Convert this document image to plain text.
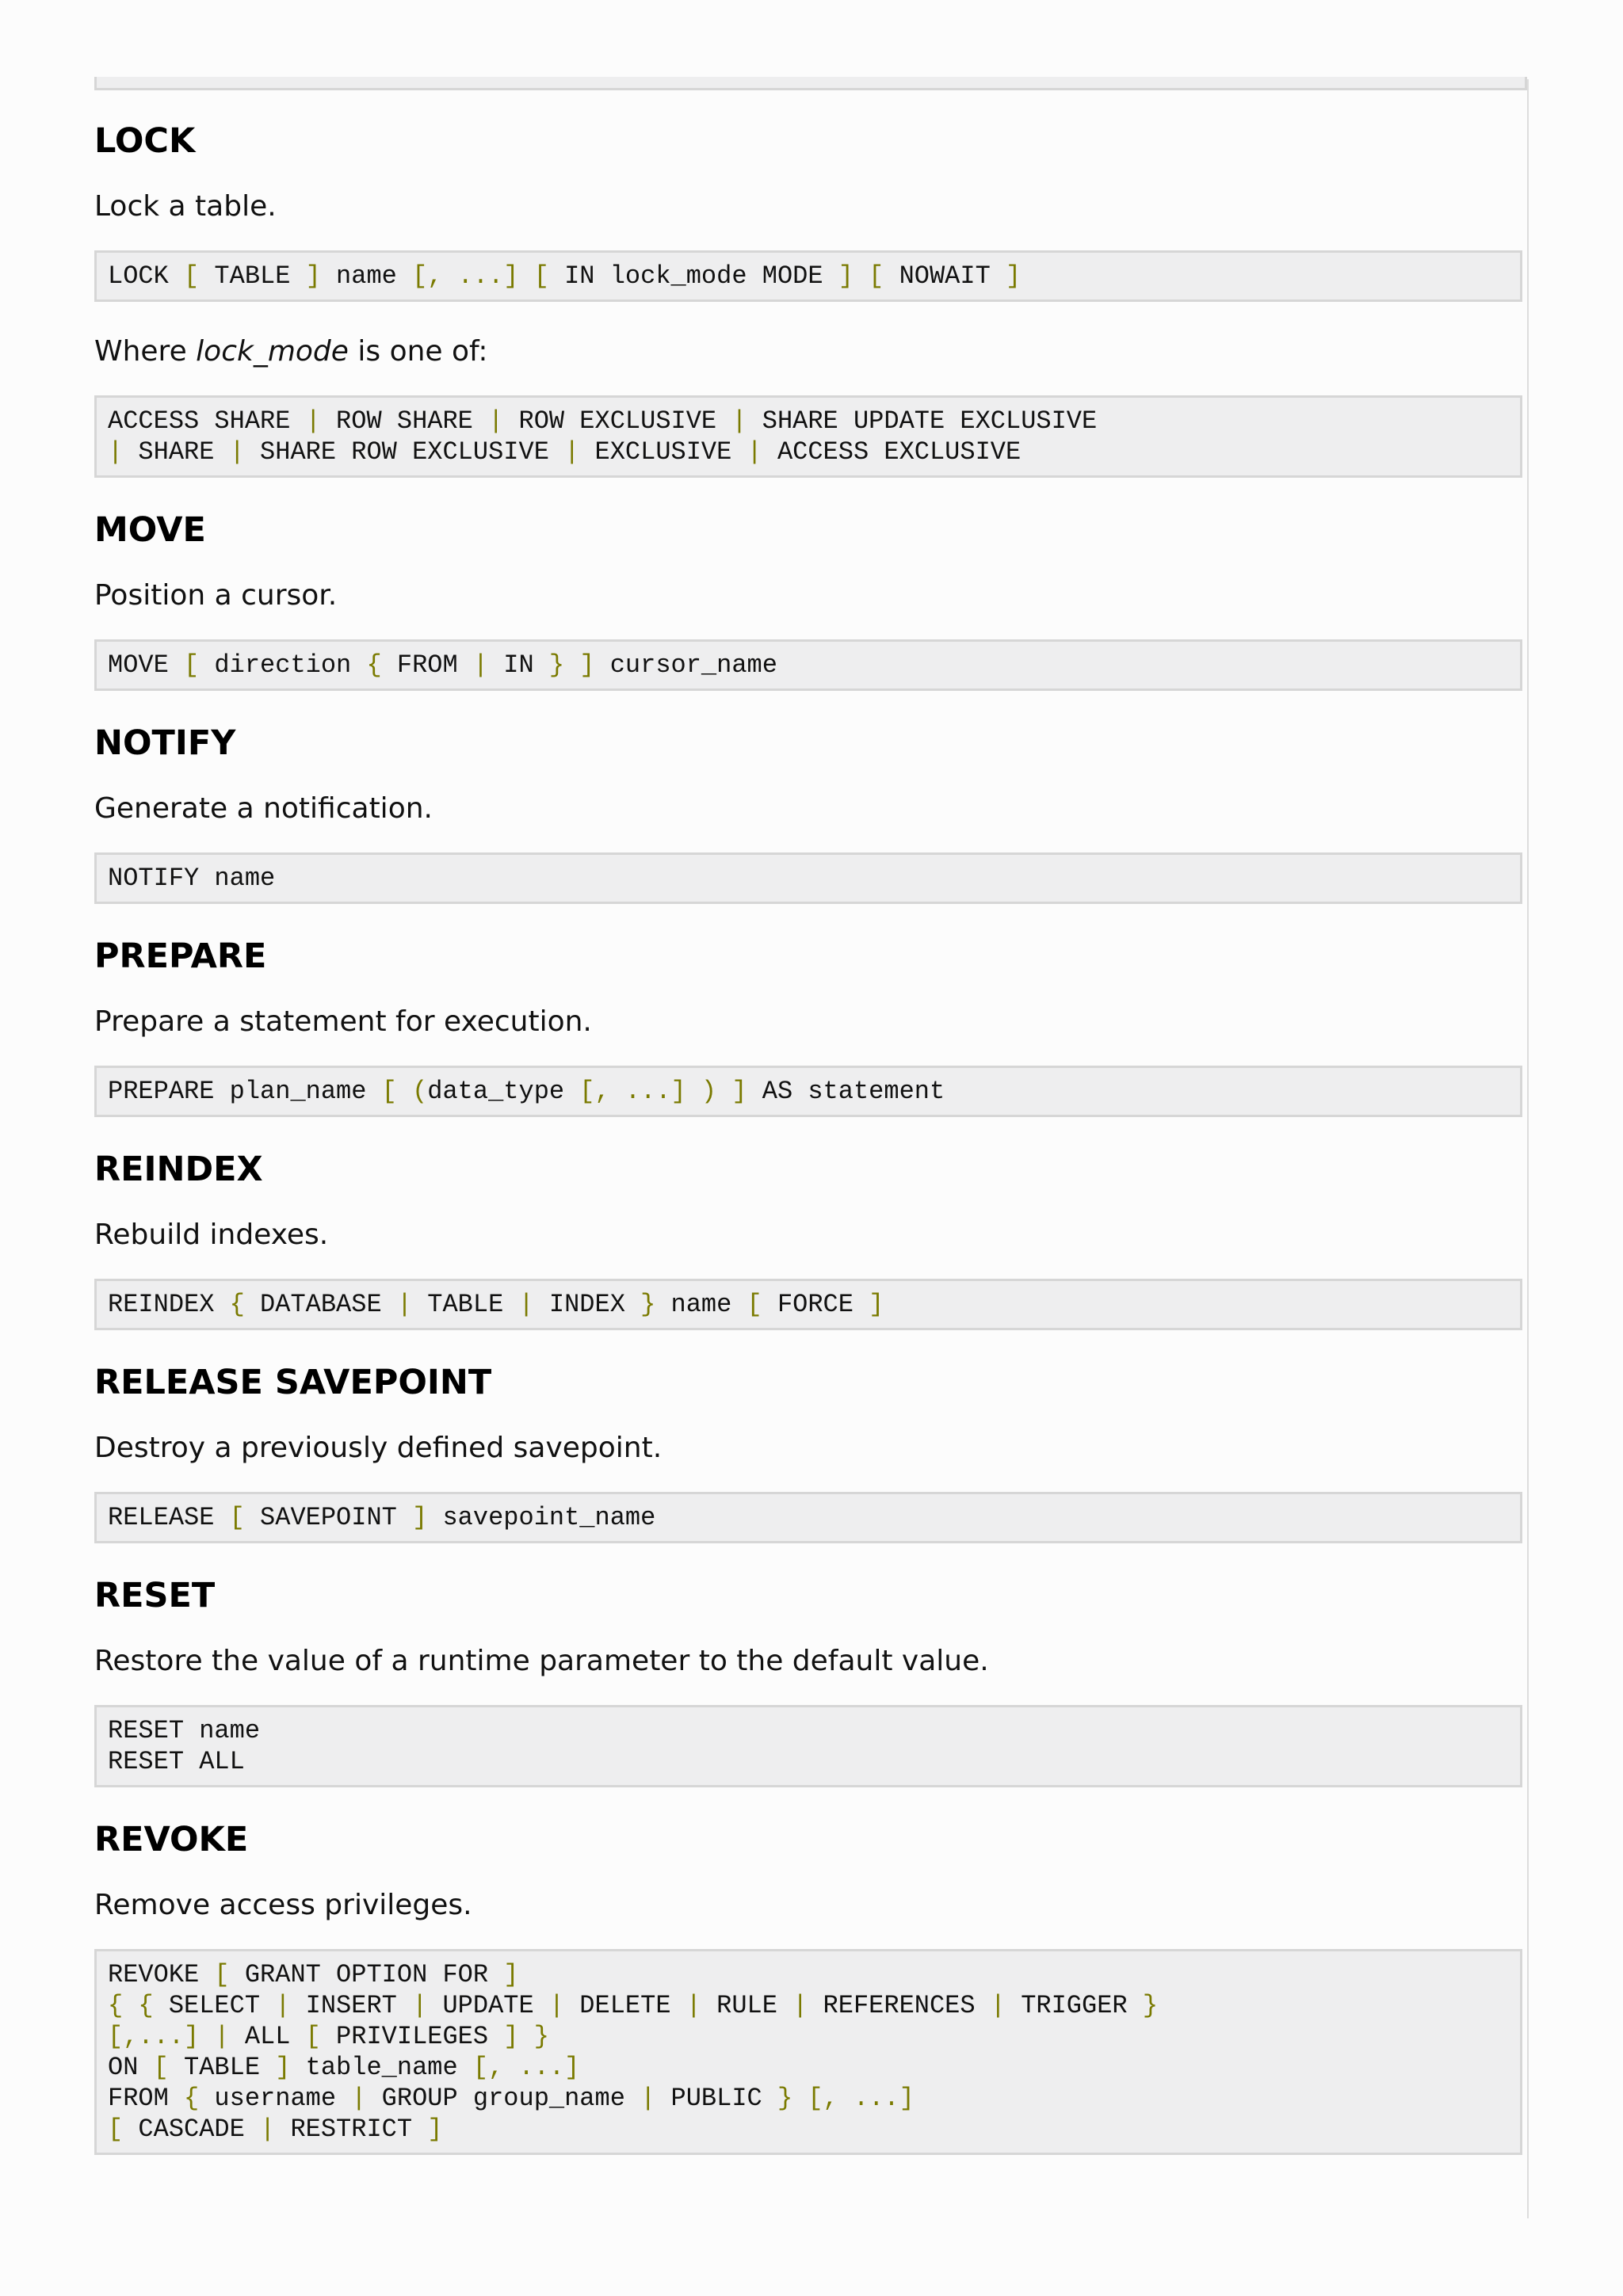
LOCK

Lock a table.

LOCK [ TABLE ] name [, ...] [ IN lock_mode MODE ] [ NOWAIT ]

Where lock_mode is one of:

ACCESS SHARE | ROW SHARE | ROW EXCLUSIVE | SHARE UPDATE EXCLUSIVE
| SHARE | SHARE ROW EXCLUSIVE | EXCLUSIVE | ACCESS EXCLUSIVE
MOVE

Position a cursor.

MOVE [ direction { FROM | IN } ] cursor_name
NOTIFY

Generate a notification.

NOTIFY name
PREPARE

Prepare a statement for execution.

PREPARE plan_name [ (data_type [, ...] ) ] AS statement
REINDEX

Rebuild indexes.

REINDEX { DATABASE | TABLE | INDEX } name [ FORCE ]
RELEASE SAVEPOINT

Destroy a previously defined savepoint.

RELEASE [ SAVEPOINT ] savepoint_name
RESET

Restore the value of a runtime parameter to the default value.

RESET name
RESET ALL
REVOKE

Remove access privileges.

REVOKE [ GRANT OPTION FOR ]
{ { SELECT | INSERT | UPDATE | DELETE | RULE | REFERENCES | TRIGGER }
[,...] | ALL [ PRIVILEGES ] }
ON [ TABLE ] table_name [, ...]
FROM { username | GROUP group_name | PUBLIC } [, ...]
[ CASCADE | RESTRICT ]
